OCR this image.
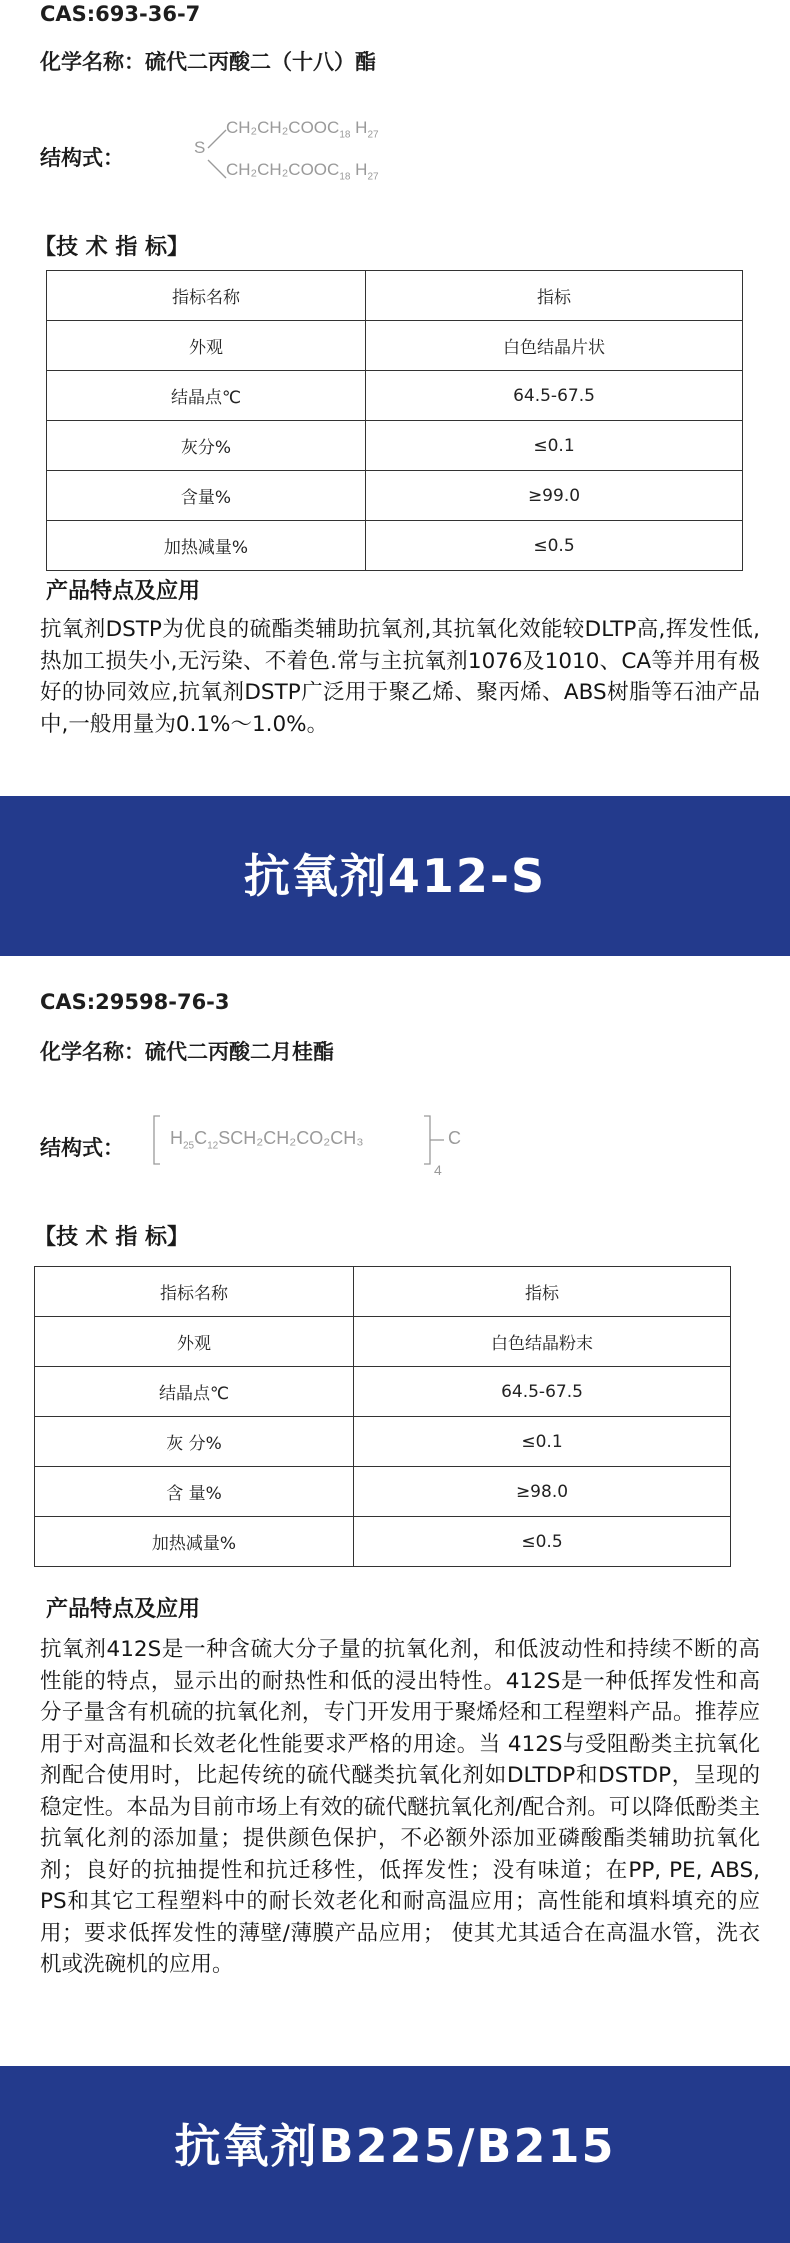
CAS:693-36-7
化学名称：硫代二丙酸二（十八）酯
结构式：	S
$CH_2CH_2COOC_{18}$ $H_{27}$
$CH_2CH_2COOC_{18}$ $H_{27}$
【技 术 指 标】
指标名称	指标
外观	白色结晶片状
结晶点℃	64.5-67.5
灰分%	≤0.1
含量%	≥99.0
加热减量%	≤0.5
产品特点及应用
抗氧剂DSTP为优良的硫酯类辅助抗氧剂,其抗氧化效能较DLTP高,挥发性低,热加工损失小,无污染、不着色.常与主抗氧剂1076及1010、CA等并用有极好的协同效应,抗氧剂DSTP广泛用于聚乙烯、聚丙烯、ABS树脂等石油产品中,一般用量为0.1%～1.0%。
抗氧剂412-S
CAS:29598-76-3
化学名称：硫代二丙酸二月桂酯
结构式：	$H_{25}C_{12}SCH_2CH_2CO_2CH_3$	C
4
【技 术 指 标】
指标名称	指标
外观	白色结晶粉末
结晶点℃	64.5-67.5
灰 分%	≤0.1
含 量%	≥98.0
加热减量%	≤0.5
产品特点及应用
抗氧剂412S是一种含硫大分子量的抗氧化剂，和低波动性和持续不断的高性能的特点，显示出的耐热性和低的浸出特性。412S是一种低挥发性和高分子量含有机硫的抗氧化剂，专门开发用于聚烯烃和工程塑料产品。推荐应用于对高温和长效老化性能要求严格的用途。当 412S与受阻酚类主抗氧化剂配合使用时，比起传统的硫代醚类抗氧化剂如DLTDP和DSTDP，呈现的稳定性。本品为目前市场上有效的硫代醚抗氧化剂/配合剂。可以降低酚类主抗氧化剂的添加量；提供颜色保护，不必额外添加亚磷酸酯类辅助抗氧化剂；良好的抗抽提性和抗迁移性，低挥发性；没有味道；在PP, PE, ABS, PS和其它工程塑料中的耐长效老化和耐高温应用；高性能和填料填充的应用；要求低挥发性的薄壁/薄膜产品应用； 使其尤其适合在高温水管，洗衣机或洗碗机的应用。
抗氧剂B225/B215
